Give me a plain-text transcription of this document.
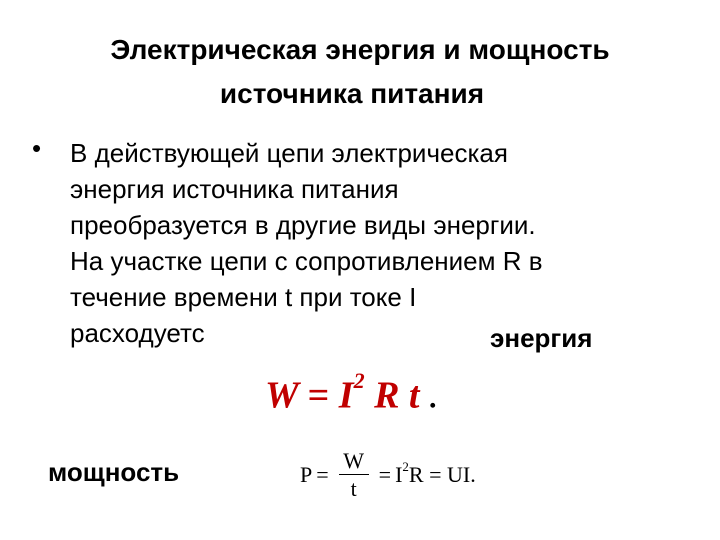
Электрическая энергия и мощность
источника питания
• В действующей цепи электрическая
энергия источника питания
преобразуется в другие виды энергии.
На участке цепи с сопротивлением R в
течение времени t при токе I
расходуетс	энергия
$W = I^2$ R t .
мощность	$P = \frac{W}{t} = I^2$ R = UI .
